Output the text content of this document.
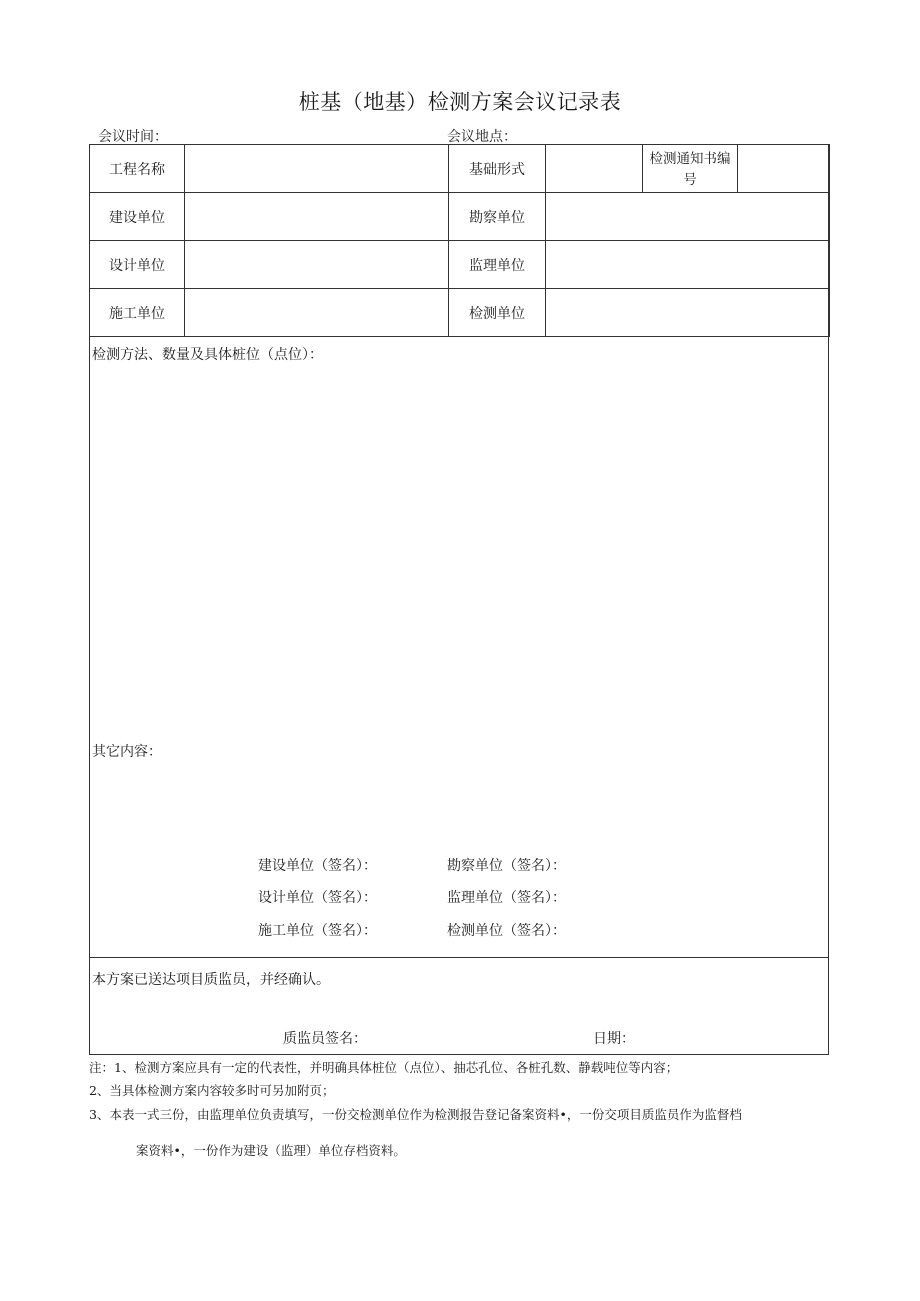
桩基（地基）检测方案会议记录表
会议时间：	会议地点：
工程名称		基础形式		检测通知书编号	
建设单位		勘察单位			
设计单位		监理单位			
施工单位		检测单位			
检测方法、数量及具体桩位（点位）：
其它内容：
建设单位（签名）：	勘察单位（签名）：
设计单位（签名）：	监理单位（签名）：
施工单位（签名）：	检测单位（签名）：
本方案已送达项目质监员，并经确认。
质监员签名：	日期：
注：1、检测方案应具有一定的代表性，并明确具体桩位（点位）、抽芯孔位、各桩孔数、静载吨位等内容；
2、当具体检测方案内容较多时可另加附页；
3、本表一式三份，由监理单位负责填写，一份交检测单位作为检测报告登记备案资料•，一份交项目质监员作为监督档
案资料•，一份作为建设（监理）单位存档资料。
